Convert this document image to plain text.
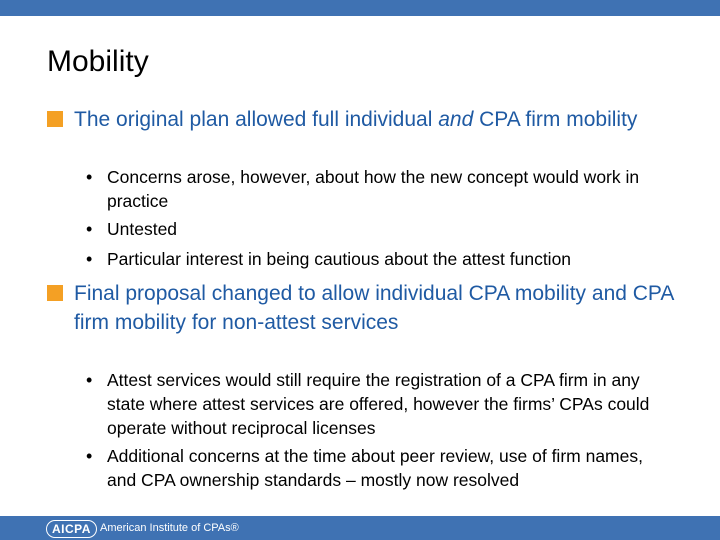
Mobility
The original plan allowed full individual and CPA firm mobility
• Concerns arose, however, about how the new concept would work in practice
• Untested
• Particular interest in being cautious about the attest function
Final proposal changed to allow individual CPA mobility and CPA firm mobility for non-attest services
• Attest services would still require the registration of a CPA firm in any state where attest services are offered, however the firms’ CPAs could operate without reciprocal licenses
• Additional concerns at the time about peer review, use of firm names, and CPA ownership standards – mostly now resolved
AICPA American Institute of CPAs®
